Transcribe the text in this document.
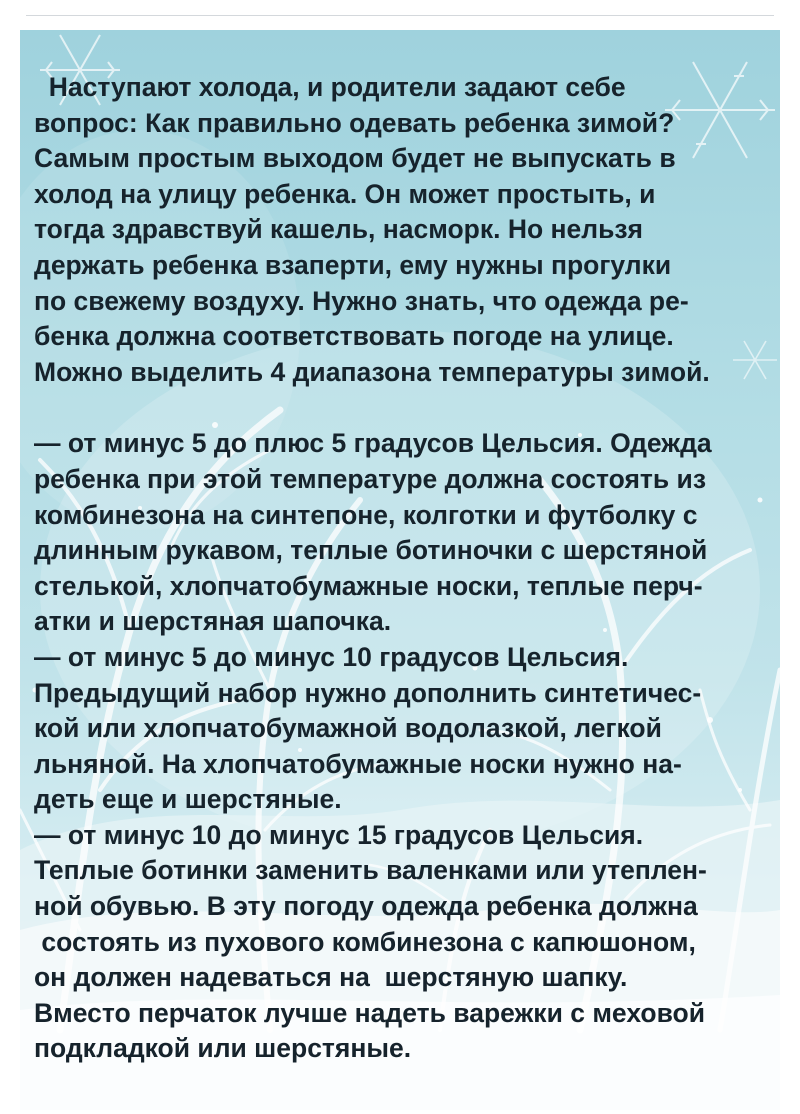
Наступают холода, и родители задают себе
вопрос: Как правильно одевать ребенка зимой?
Самым простым выходом будет не выпускать в
холод на улицу ребенка. Он может простыть, и
тогда здравствуй кашель, насморк. Но нельзя
держать ребенка взаперти, ему нужны прогулки
по свежему воздуху. Нужно знать, что одежда ре-
бенка должна соответствовать погоде на улице.
Можно выделить 4 диапазона температуры зимой.
— от минус 5 до плюс 5 градусов Цельсия. Одежда
ребенка при этой температуре должна состоять из
комбинезона на синтепоне, колготки и футболку с
длинным рукавом, теплые ботиночки с шерстяной
стелькой, хлопчатобумажные носки, теплые перч-
атки и шерстяная шапочка.
— от минус 5 до минус 10 градусов Цельсия.
Предыдущий набор нужно дополнить синтетичес-
кой или хлопчатобумажной водолазкой, легкой
льняной. На хлопчатобумажные носки нужно на-
деть еще и шерстяные.
— от минус 10 до минус 15 градусов Цельсия.
Теплые ботинки заменить валенками или утеплен-
ной обувью. В эту погоду одежда ребенка должна
состоять из пухового комбинезона с капюшоном,
он должен надеваться на  шерстяную шапку.
Вместо перчаток лучше надеть варежки с меховой
подкладкой или шерстяные.
